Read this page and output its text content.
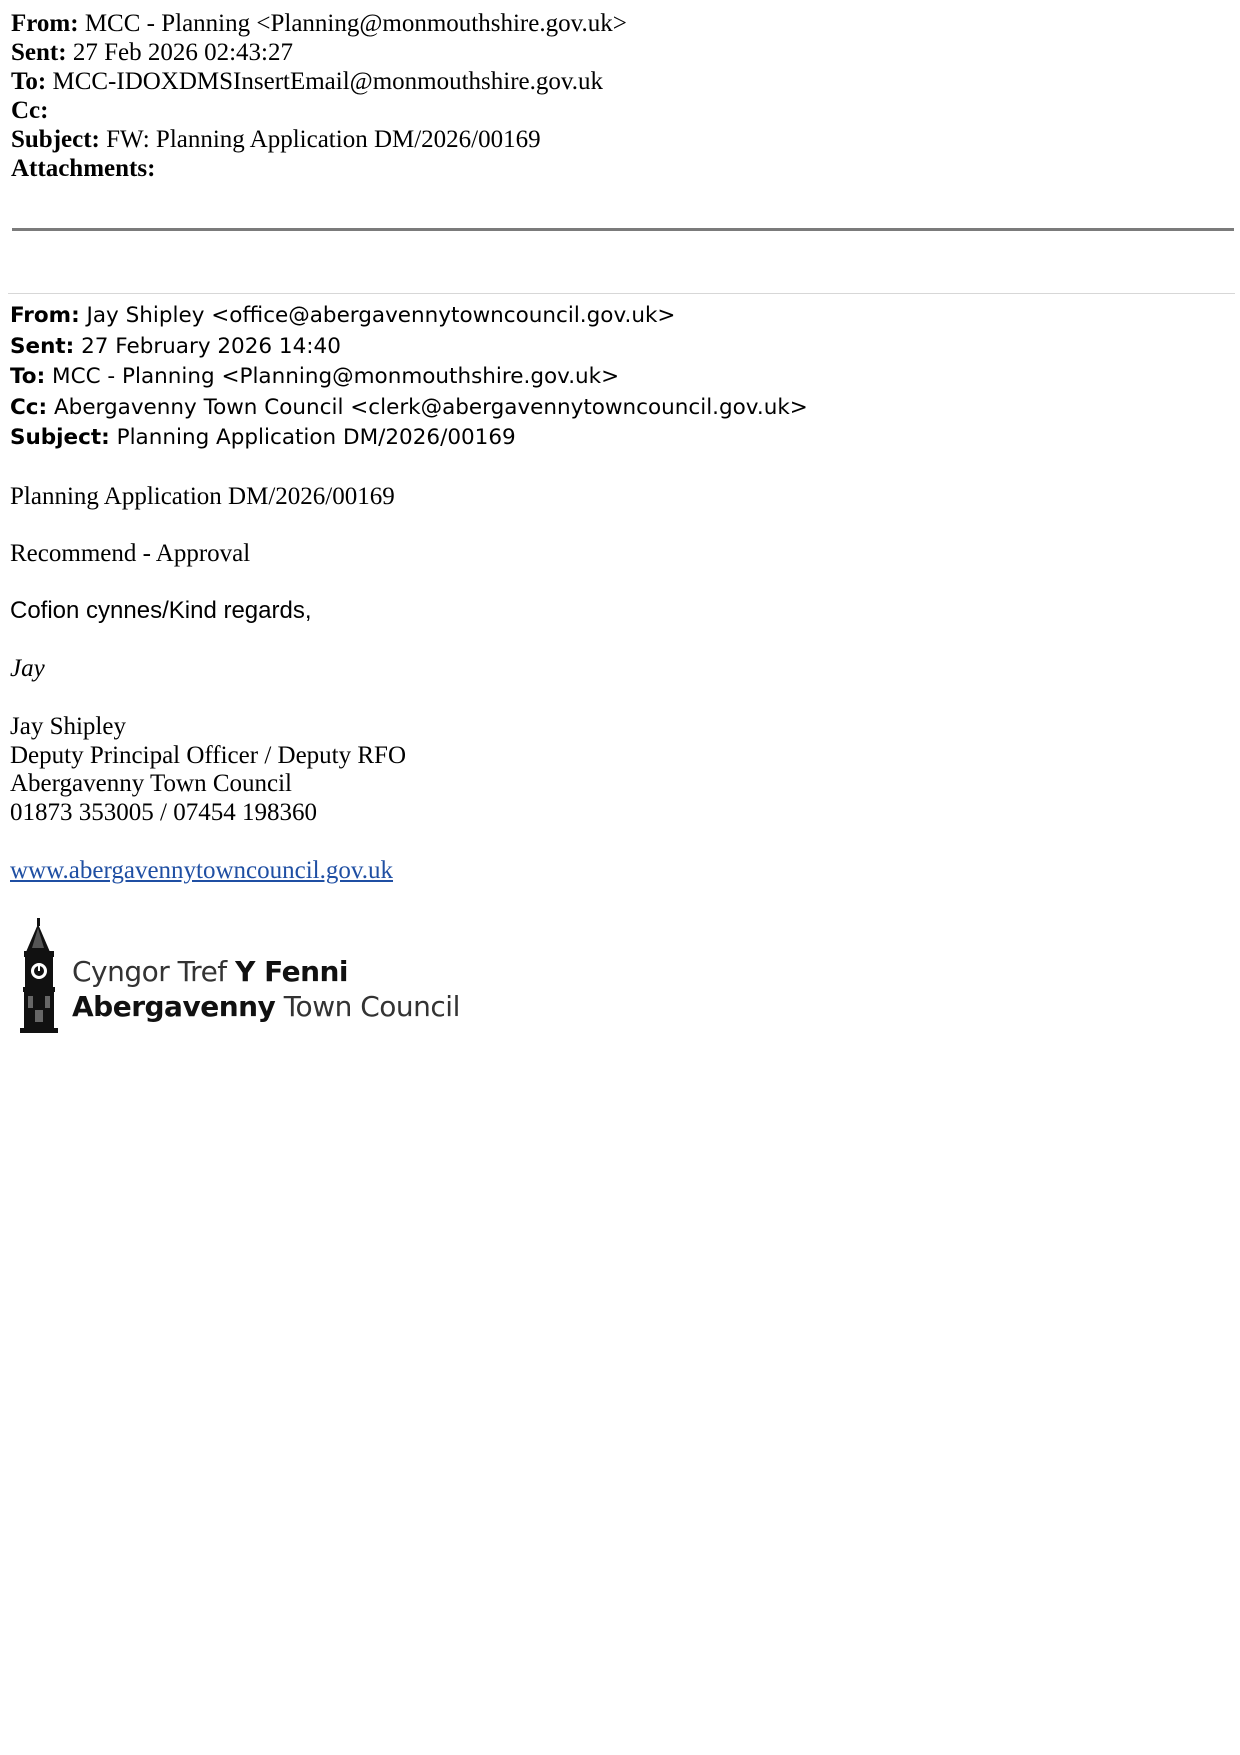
From: MCC - Planning <Planning@monmouthshire.gov.uk>
Sent: 27 Feb 2026 02:43:27
To: MCC-IDOXDMSInsertEmail@monmouthshire.gov.uk
Cc:
Subject: FW: Planning Application DM/2026/00169
Attachments:
From: Jay Shipley <office@abergavennytowncouncil.gov.uk>
Sent: 27 February 2026 14:40
To: MCC - Planning <Planning@monmouthshire.gov.uk>
Cc: Abergavenny Town Council <clerk@abergavennytowncouncil.gov.uk>
Subject: Planning Application DM/2026/00169
Planning Application DM/2026/00169
Recommend - Approval
Cofion cynnes/Kind regards,
Jay
Jay Shipley
Deputy Principal Officer / Deputy RFO
Abergavenny Town Council
01873 353005 / 07454 198360
www.abergavennytowncouncil.gov.uk
Cyngor Tref Y Fenni
Abergavenny Town Council
